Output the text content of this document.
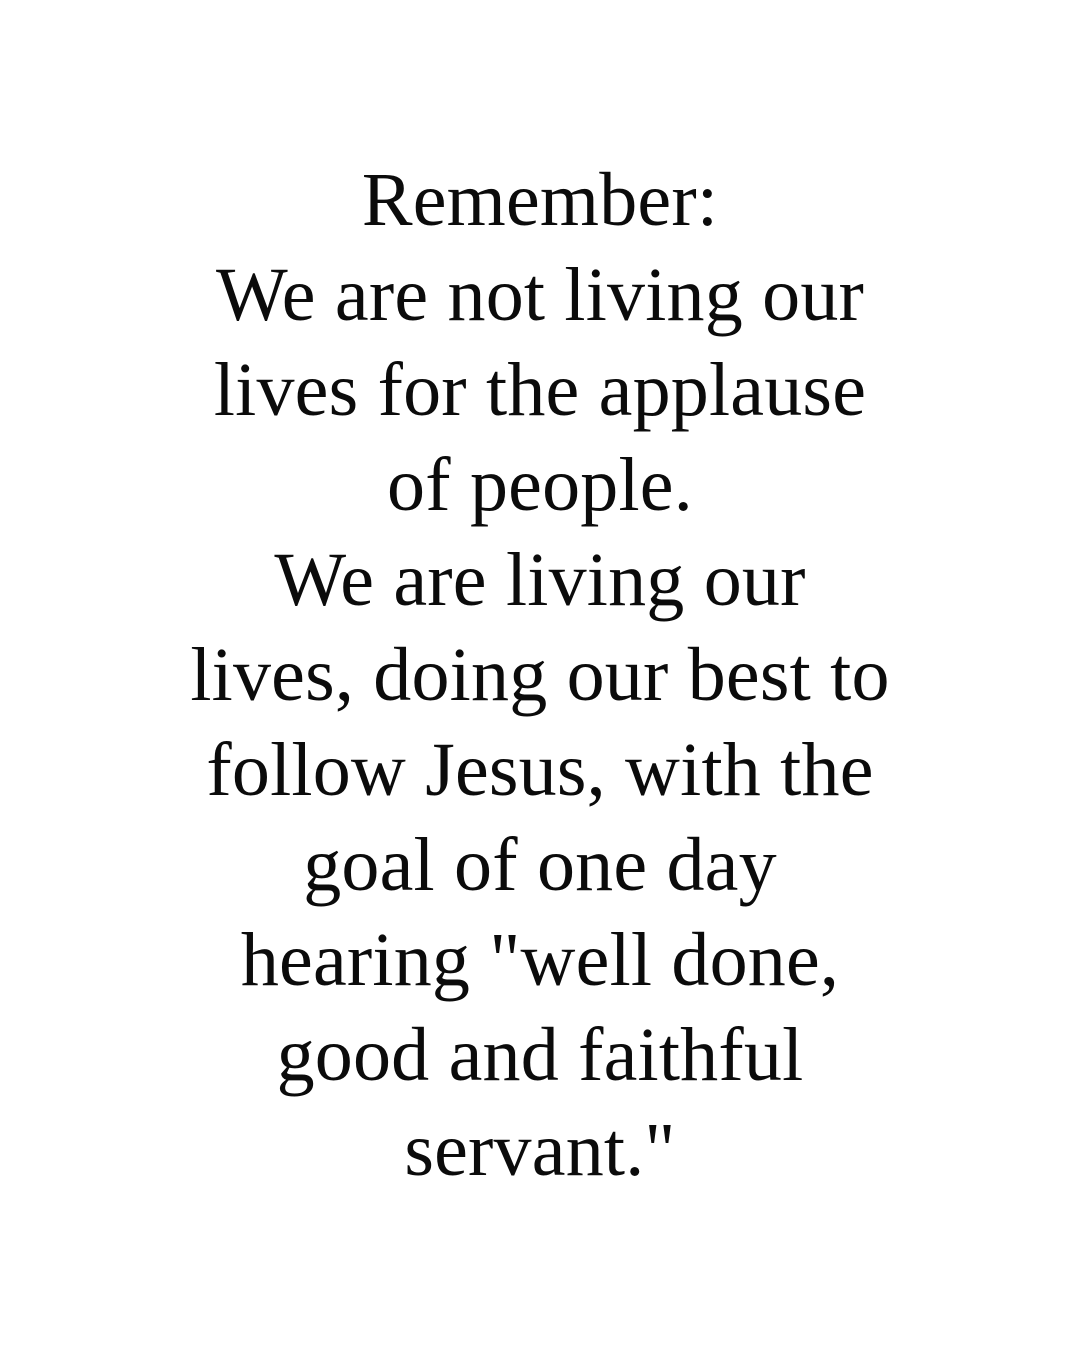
Remember:
We are not living our
lives for the applause
of people.
We are living our
lives, doing our best to
follow Jesus, with the
goal of one day
hearing "well done,
good and faithful
servant."
